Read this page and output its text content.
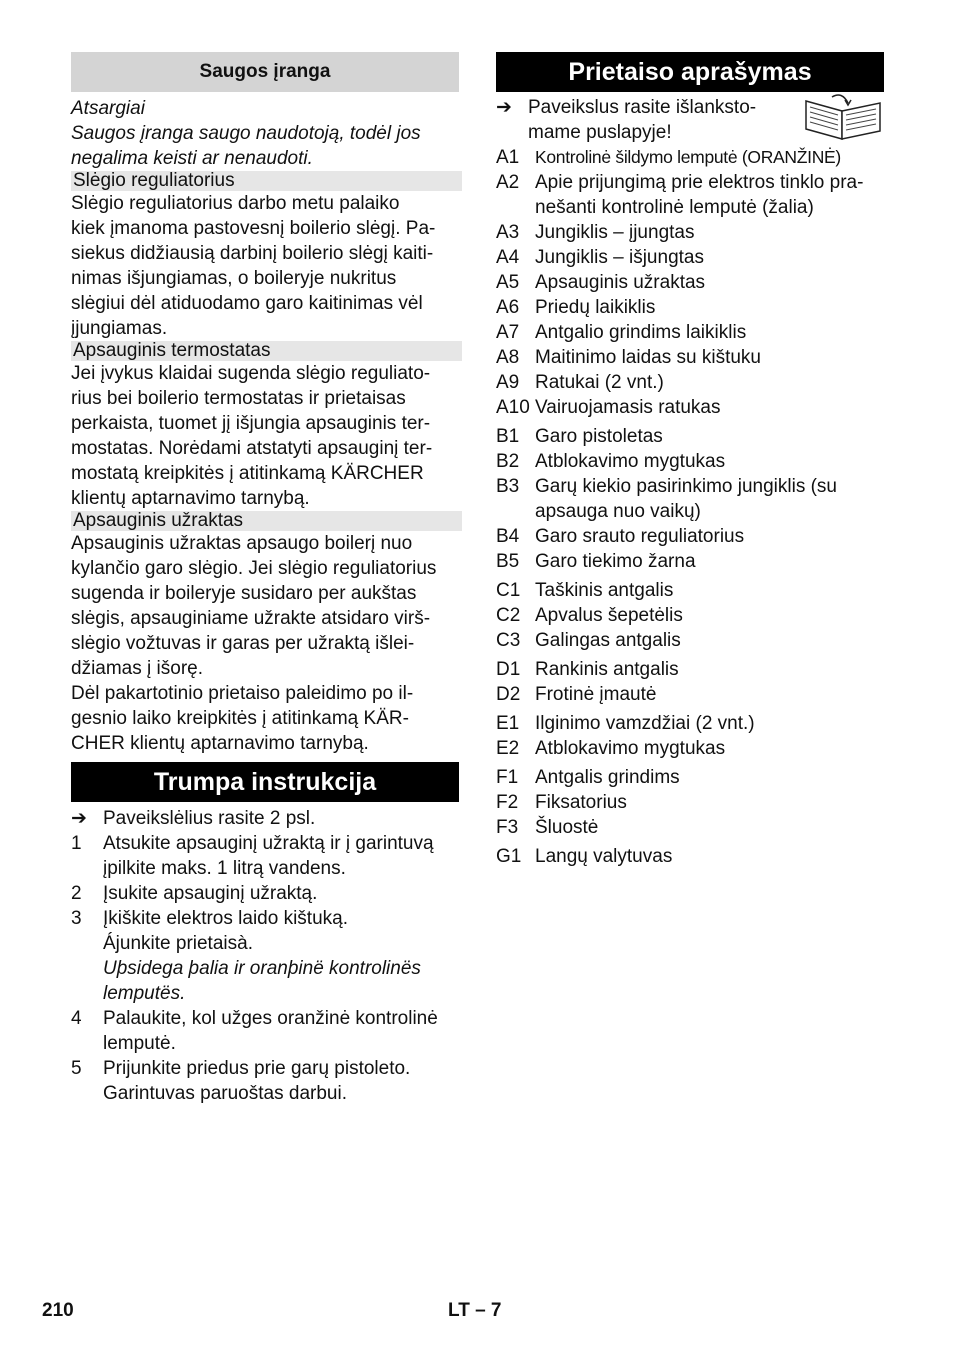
Saugos įranga

Atsargiai

Saugos įranga saugo naudotoją, todėl jos

negalima keisti ar nenaudoti.

Slėgio reguliatorius

Slėgio reguliatorius darbo metu palaiko

kiek įmanoma pastovesnį boilerio slėgį. Pa-

siekus didžiausią darbinį boilerio slėgį kaiti-

nimas išjungiamas, o boileryje nukritus

slėgiui dėl atiduodamo garo kaitinimas vėl

įjungiamas.

Apsauginis termostatas

Jei įvykus klaidai sugenda slėgio reguliato-

rius bei boilerio termostatas ir prietaisas

perkaista, tuomet jį išjungia apsauginis ter-

mostatas. Norėdami atstatyti apsauginį ter-

mostatą kreipkitės į atitinkamą KÄRCHER

klientų aptarnavimo tarnybą.

Apsauginis užraktas

Apsauginis užraktas apsaugo boilerį nuo

kylančio garo slėgio. Jei slėgio reguliatorius

sugenda ir boileryje susidaro per aukštas

slėgis, apsauginiame užrakte atsidaro virš-

slėgio vožtuvas ir garas per užraktą išlei-

džiamas į išorę.

Dėl pakartotinio prietaiso paleidimo po il-

gesnio laiko kreipkitės į atitinkamą KÄR-

CHER klientų aptarnavimo tarnybą.

Trumpa instrukcija
➔ Paveikslėlius rasite 2 psl.
1	Atsukite apsauginį užraktą ir į garintuvą

įpilkite maks. 1 litrą vandens.

2	Įsukite apsauginį užraktą.

3	Įkiškite elektros laido kištuką.

Ájunkite prietaisà.

Uþsidega þalia ir oranþinë kontrolinës

lemputës.

4	Palaukite, kol užges oranžinė kontrolinė

lemputė.

5	Prijunkite priedus prie garų pistoleto.

Garintuvas paruoštas darbui.

Prietaiso aprašymas
➔ Paveikslus rasite išlanksto-

mame puslapyje!

A1 Kontrolinė šildymo lemputė (ORANŽINĖ)

A2 Apie prijungimą prie elektros tinklo pra-

nešanti kontrolinė lemputė (žalia)

A3 Jungiklis – įjungtas

A4 Jungiklis – išjungtas

A5 Apsauginis užraktas

A6 Priedų laikiklis

A7 Antgalio grindims laikiklis

A8 Maitinimo laidas su kištuku

A9 Ratukai (2 vnt.)

A10 Vairuojamasis ratukas

B1 Garo pistoletas

B2 Atblokavimo mygtukas

B3 Garų kiekio pasirinkimo jungiklis (su

apsauga nuo vaikų)

B4 Garo srauto reguliatorius

B5 Garo tiekimo žarna

C1 Taškinis antgalis

C2 Apvalus šepetėlis

C3 Galingas antgalis

D1 Rankinis antgalis

D2 Frotinė įmautė

E1 Ilginimo vamzdžiai (2 vnt.)

E2 Atblokavimo mygtukas

F1 Antgalis grindims

F2 Fiksatorius

F3 Šluostė

G1 Langų valytuvas

210	LT – 7
